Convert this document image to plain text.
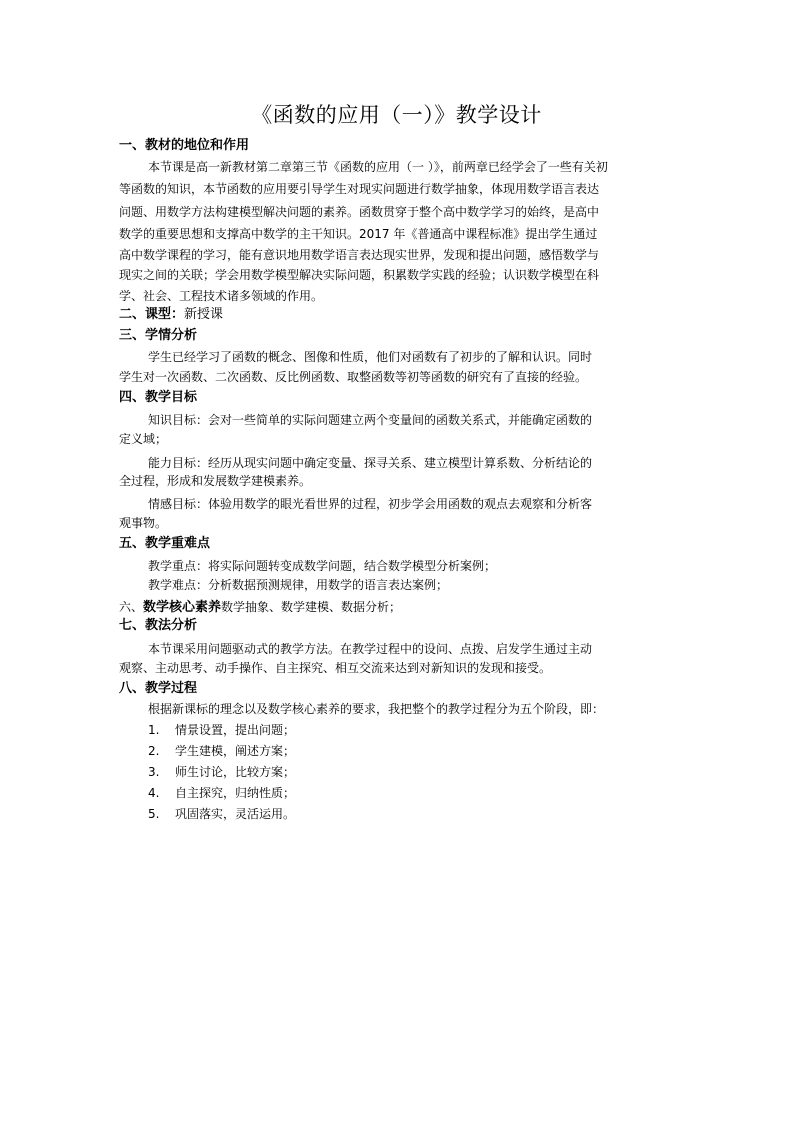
《函数的应用（一）》教学设计
一、教材的地位和作用
本节课是高一新教材第二章第三节《函数的应用（一 ）》，前两章已经学会了一些有关初
等函数的知识，本节函数的应用要引导学生对现实问题进行数学抽象，体现用数学语言表达
问题、用数学方法构建模型解决问题的素养。函数贯穿于整个高中数学学习的始终，是高中
数学的重要思想和支撑高中数学的主干知识。2017 年《普通高中课程标准》提出学生通过
高中数学课程的学习，能有意识地用数学语言表达现实世界，发现和提出问题，感悟数学与
现实之间的关联；学会用数学模型解决实际问题，积累数学实践的经验；认识数学模型在科
学、社会、工程技术诸多领域的作用。
二、课型：新授课
三、学情分析
学生已经学习了函数的概念、图像和性质，他们对函数有了初步的了解和认识。同时
学生对一次函数、二次函数、反比例函数、取整函数等初等函数的研究有了直接的经验。
四、教学目标
知识目标：会对一些简单的实际问题建立两个变量间的函数关系式，并能确定函数的
定义域；
能力目标：经历从现实问题中确定变量、探寻关系、建立模型计算系数、分析结论的
全过程，形成和发展数学建模素养。
情感目标：体验用数学的眼光看世界的过程，初步学会用函数的观点去观察和分析客
观事物。
五、教学重难点
教学重点：将实际问题转变成数学问题，结合数学模型分析案例；
教学难点：分析数据预测规律，用数学的语言表达案例；
六、数学核心素养数学抽象、数学建模、数据分析；
七、教法分析
本节课采用问题驱动式的教学方法。在教学过程中的设问、点拨、启发学生通过主动
观察、主动思考、动手操作、自主探究、相互交流来达到对新知识的发现和接受。
八、教学过程
根据新课标的理念以及数学核心素养的要求，我把整个的教学过程分为五个阶段，即：
1. 情景设置，提出问题；
2. 学生建模，阐述方案；
3. 师生讨论，比较方案；
4. 自主探究，归纳性质；
5. 巩固落实，灵活运用。
